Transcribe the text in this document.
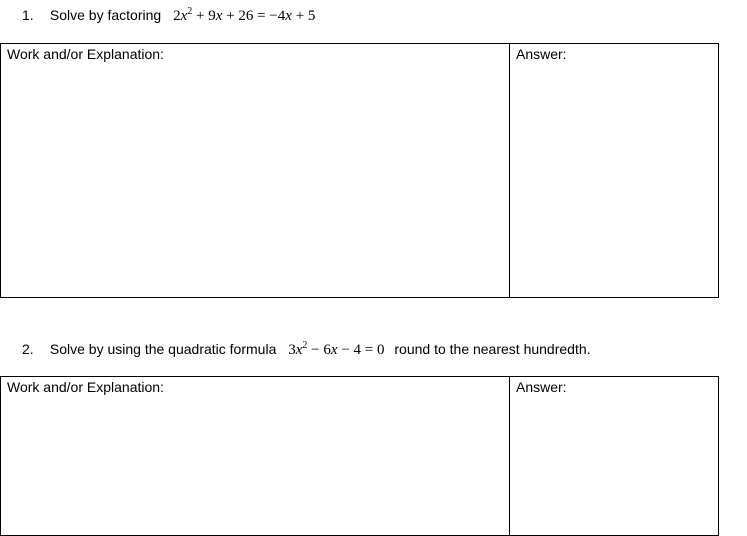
1. Solve by factoring $2x^2 + 9x + 26 = -4x + 5$
Work and/or Explanation:	Answer:
2. Solve by using the quadratic formula $3x^2 - 6x - 4 = 0$ round to the nearest hundredth.
Work and/or Explanation:	Answer:
